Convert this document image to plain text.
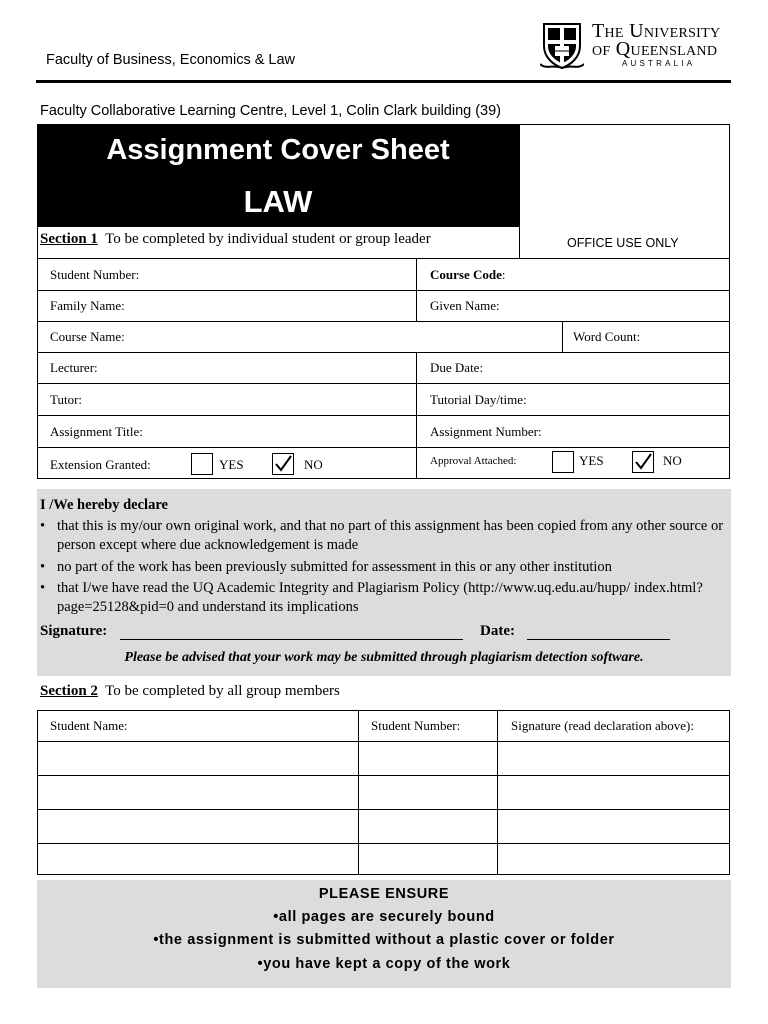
Faculty of Business, Economics & Law
The University
of Queensland
AUSTRALIA
Faculty Collaborative Learning Centre, Level 1, Colin Clark building (39)
Assignment Cover Sheet
LAW
OFFICE USE ONLY
Section 1 To be completed by individual student or group leader
Student Number:	Course Code:
Family Name:	Given Name:
Course Name:	Word Count:
Lecturer:	Due Date:
Tutor:	Tutorial Day/time:
Assignment Title:	Assignment Number:
Extension Granted:	YES	NO	Approval Attached:	YES	NO
I /We hereby declare
• that this is my/our own original work, and that no part of this assignment has been copied from any other source or person except where due acknowledgement is made
• no part of the work has been previously submitted for assessment in this or any other institution
• that I/we have read the UQ Academic Integrity and Plagiarism Policy (http://www.uq.edu.au/hupp/ index.html?page=25128&pid=0 and understand its implications
Signature:	Date:
Please be advised that your work may be submitted through plagiarism detection software.
Section 2 To be completed by all group members
Student Name:	Student Number:	Signature (read declaration above):
PLEASE ENSURE
•all pages are securely bound
•the assignment is submitted without a plastic cover or folder
•you have kept a copy of the work
